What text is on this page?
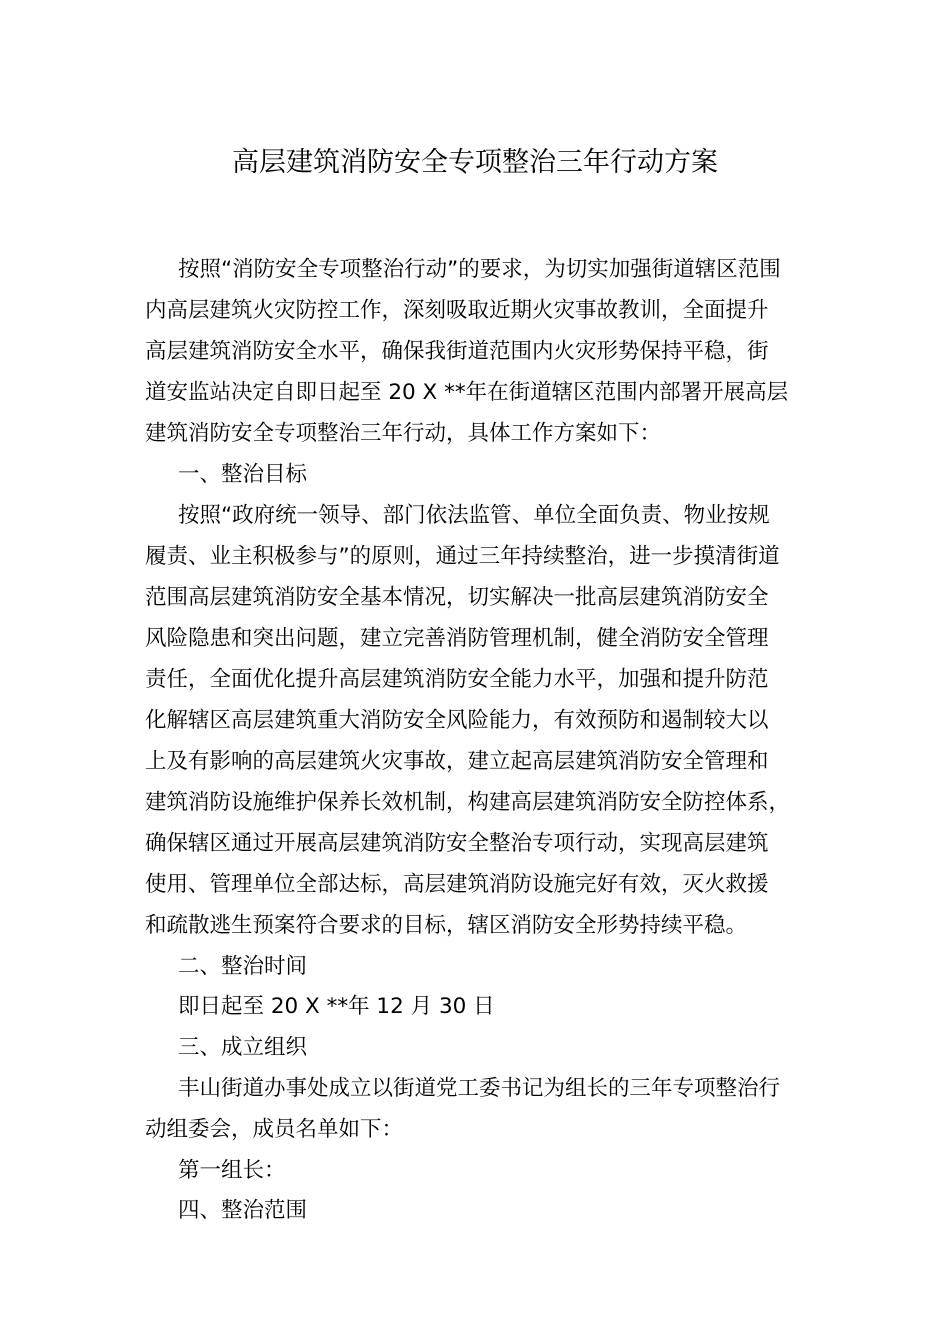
高层建筑消防安全专项整治三年行动方案

按照“消防安全专项整治行动”的要求，为切实加强街道辖区范围

内高层建筑火灾防控工作，深刻吸取近期火灾事故教训，全面提升

高层建筑消防安全水平，确保我街道范围内火灾形势保持平稳，街

道安监站决定自即日起至 20 X **年在街道辖区范围内部署开展高层

建筑消防安全专项整治三年行动，具体工作方案如下：

一、整治目标

按照“政府统一领导、部门依法监管、单位全面负责、物业按规

履责、业主积极参与”的原则，通过三年持续整治，进一步摸清街道

范围高层建筑消防安全基本情况，切实解决一批高层建筑消防安全

风险隐患和突出问题，建立完善消防管理机制，健全消防安全管理

责任，全面优化提升高层建筑消防安全能力水平，加强和提升防范

化解辖区高层建筑重大消防安全风险能力，有效预防和遏制较大以

上及有影响的高层建筑火灾事故，建立起高层建筑消防安全管理和

建筑消防设施维护保养长效机制，构建高层建筑消防安全防控体系，

确保辖区通过开展高层建筑消防安全整治专项行动，实现高层建筑

使用、管理单位全部达标，高层建筑消防设施完好有效，灭火救援

和疏散逃生预案符合要求的目标，辖区消防安全形势持续平稳。

二、整治时间

即日起至 20 X **年 12 月 30 日

三、成立组织

丰山街道办事处成立以街道党工委书记为组长的三年专项整治行

动组委会，成员名单如下：

第一组长：

四、整治范围
